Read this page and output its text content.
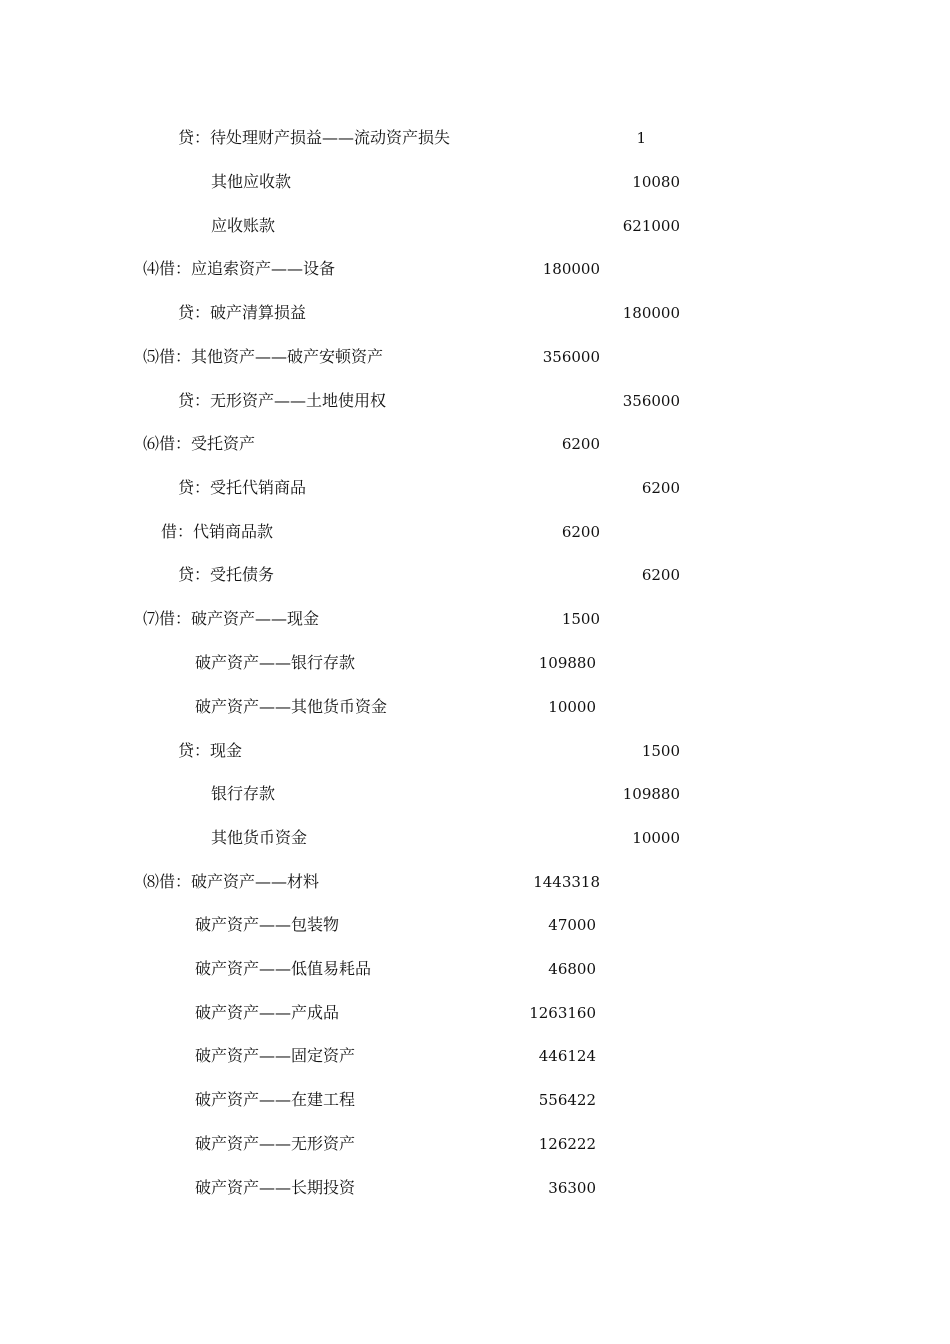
贷：待处理财产损益——流动资产损失	1
其他应收款	10080
应收账款	621000
⑷借：应追索资产——设备	180000
贷：破产清算损益	180000
⑸借：其他资产——破产安顿资产	356000
贷：无形资产——土地使用权	356000
⑹借：受托资产	6200
贷：受托代销商品	6200
借：代销商品款	6200
贷：受托债务	6200
⑺借：破产资产——现金	1500
破产资产——银行存款	109880
破产资产——其他货币资金	10000
贷：现金	1500
银行存款	109880
其他货币资金	10000
⑻借：破产资产——材料	1443318
破产资产——包装物	47000
破产资产——低值易耗品	46800
破产资产——产成品	1263160
破产资产——固定资产	446124
破产资产——在建工程	556422
破产资产——无形资产	126222
破产资产——长期投资	36300
